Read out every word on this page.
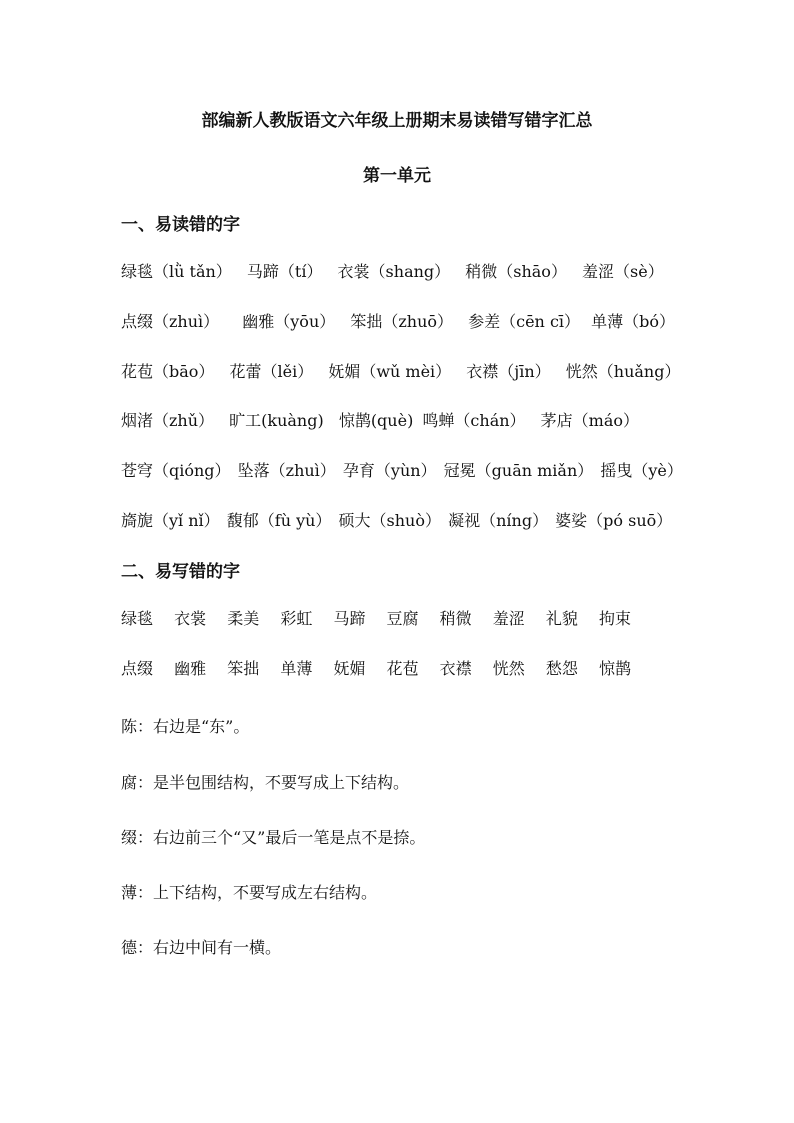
部编新人教版语文六年级上册期末易读错写错字汇总
第一单元
一、易读错的字
绿毯（lǜ tǎn） 马蹄（tí） 衣裳（shang） 稍微（shāo） 羞涩（sè）
点缀（zhuì） 幽雅（yōu） 笨拙（zhuō） 参差（cēn cī） 单薄（bó）
花苞（bāo） 花蕾（lěi） 妩媚（wǔ mèi） 衣襟（jīn） 恍然（huǎng）
烟渚（zhǔ） 旷工(kuàng) 惊鹊(què) 鸣蝉（chán） 茅店（máo）
苍穹（qióng） 坠落（zhuì） 孕育（yùn） 冠冕（guān miǎn） 摇曳（yè）
旖旎（yǐ nǐ） 馥郁（fù yù） 硕大（shuò） 凝视（níng） 婆娑（pó suō）
二、易写错的字
绿毯 衣裳 柔美 彩虹 马蹄 豆腐 稍微 羞涩 礼貌 拘束
点缀 幽雅 笨拙 单薄 妩媚 花苞 衣襟 恍然 愁怨 惊鹊
陈：右边是“东”。
腐：是半包围结构，不要写成上下结构。
缀：右边前三个“又”最后一笔是点不是捺。
薄：上下结构，不要写成左右结构。
德：右边中间有一横。
